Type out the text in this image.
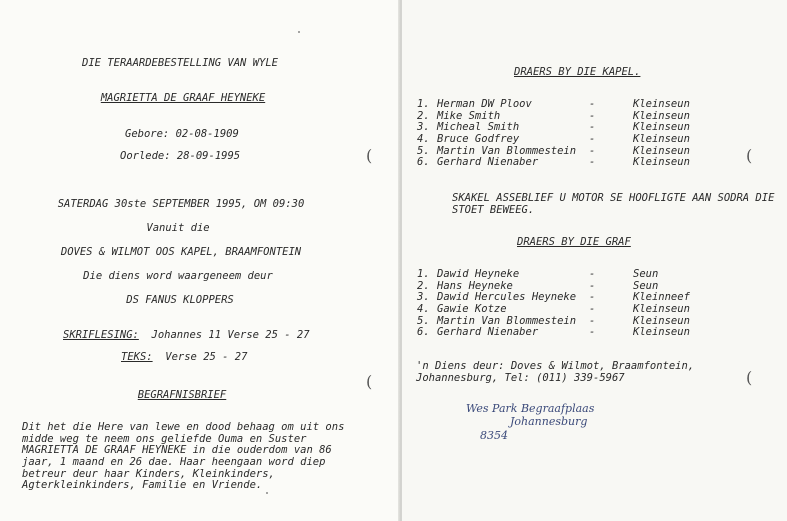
DIE TERAARDEBESTELLING VAN WYLE
MAGRIETTA DE GRAAF HEYNEKE
Gebore: 02-08-1909
Oorlede: 28-09-1995
SATERDAG 30ste SEPTEMBER 1995, OM 09:30
Vanuit die
DOVES & WILMOT OOS KAPEL, BRAAMFONTEIN
Die diens word waargeneem deur
DS FANUS KLOPPERS
SKRIFLESING: Johannes 11 Verse 25 - 27
TEKS: Verse 25 - 27
BEGRAFNISBRIEF
Dit het die Here van lewe en dood behaag om uit ons
midde weg te neem ons geliefde Ouma en Suster
MAGRIETTA DE GRAAF HEYNEKE in die ouderdom van 86
jaar, 1 maand en 26 dae. Haar heengaan word diep
betreur deur haar Kinders, Kleinkinders,
Agterkleinkinders, Familie en Vriende.
(
(
DRAERS BY DIE KAPEL.
1. Herman DW Ploov	-	Kleinseun
2. Mike Smith	-	Kleinseun
3. Micheal Smith	-	Kleinseun
4. Bruce Godfrey	-	Kleinseun
5. Martin Van Blommestein -	Kleinseun
6. Gerhard Nienaber	-	Kleinseun
SKAKEL ASSEBLIEF U MOTOR SE HOOFLIGTE AAN SODRA DIE
STOET BEWEEG.
DRAERS BY DIE GRAF
1. Dawid Heyneke	-	Seun
2. Hans Heyneke	-	Seun
3. Dawid Hercules Heyneke -	Kleinneef
4. Gawie Kotze	-	Kleinseun
5. Martin Van Blommestein -	Kleinseun
6. Gerhard Nienaber	-	Kleinseun
'n Diens deur: Doves & Wilmot, Braamfontein,
Johannesburg, Tel: (011) 339-5967
Wes Park Begraafplaas
Johannesburg
8354
(
(
